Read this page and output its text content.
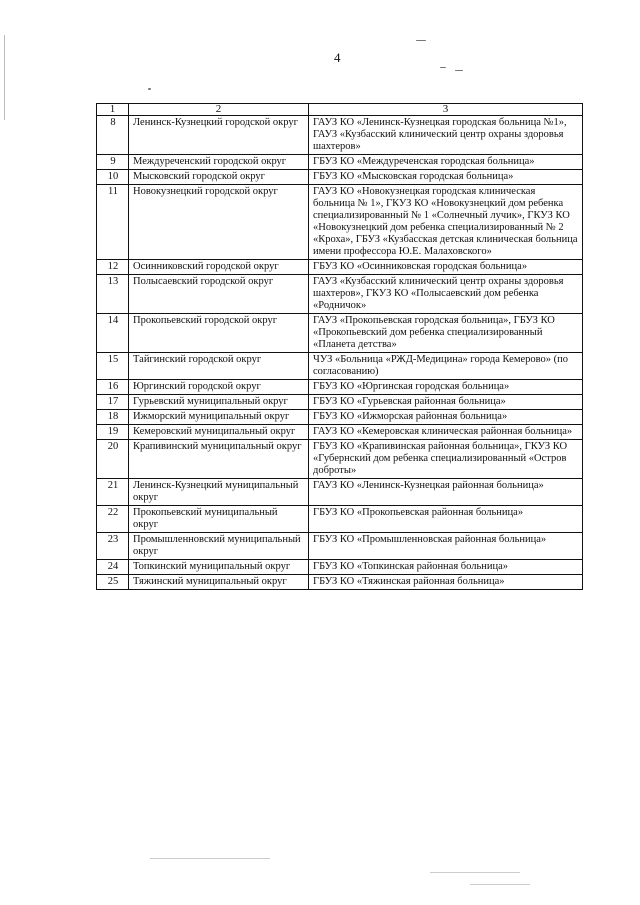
4
1	2	3
8	Ленинск-Кузнецкий городской округ	ГАУЗ КО «Ленинск-Кузнецкая городская больница №1», ГАУЗ «Кузбасский клинический центр охраны здоровья шахтеров»
9	Междуреченский городской округ	ГБУЗ КО «Междуреченская городская больница»
10	Мысковский городской округ	ГБУЗ КО «Мысковская городская больница»
11	Новокузнецкий городской округ	ГАУЗ КО «Новокузнецкая городская клиническая больница № 1», ГКУЗ КО «Новокузнецкий дом ребенка специализированный № 1 «Солнечный лучик», ГКУЗ КО «Новокузнецкий дом ребенка специализированный № 2 «Кроха», ГБУЗ «Кузбасская детская клиническая больница имени профессора Ю.Е. Малаховского»
12	Осинниковский городской округ	ГБУЗ КО «Осинниковская городская больница»
13	Полысаевский городской округ	ГАУЗ «Кузбасский клинический центр охраны здоровья шахтеров», ГКУЗ КО «Полысаевский дом ребенка «Родничок»
14	Прокопьевский городской округ	ГАУЗ «Прокопьевская городская больница», ГБУЗ КО «Прокопьевский дом ребенка специализированный «Планета детства»
15	Тайгинский городской округ	ЧУЗ «Больница «РЖД-Медицина» города Кемерово» (по согласованию)
16	Юргинский городской округ	ГБУЗ КО «Юргинская городская больница»
17	Гурьевский муниципальный округ	ГБУЗ КО «Гурьевская районная больница»
18	Ижморский муниципальный округ	ГБУЗ КО «Ижморская районная больница»
19	Кемеровский муниципальный округ	ГАУЗ КО «Кемеровская клиническая районная больница»
20	Крапивинский муниципальный округ	ГБУЗ КО «Крапивинская районная больница», ГКУЗ КО «Губернский дом ребенка специализированный «Остров доброты»
21	Ленинск-Кузнецкий муниципальный округ	ГАУЗ КО «Ленинск-Кузнецкая районная больница»
22	Прокопьевский муниципальный округ	ГБУЗ КО «Прокопьевская районная больница»
23	Промышленновский муниципальный округ	ГБУЗ КО «Промышленновская районная больница»
24	Топкинский муниципальный округ	ГБУЗ КО «Топкинская районная больница»
25	Тяжинский муниципальный округ	ГБУЗ КО «Тяжинская районная больница»
